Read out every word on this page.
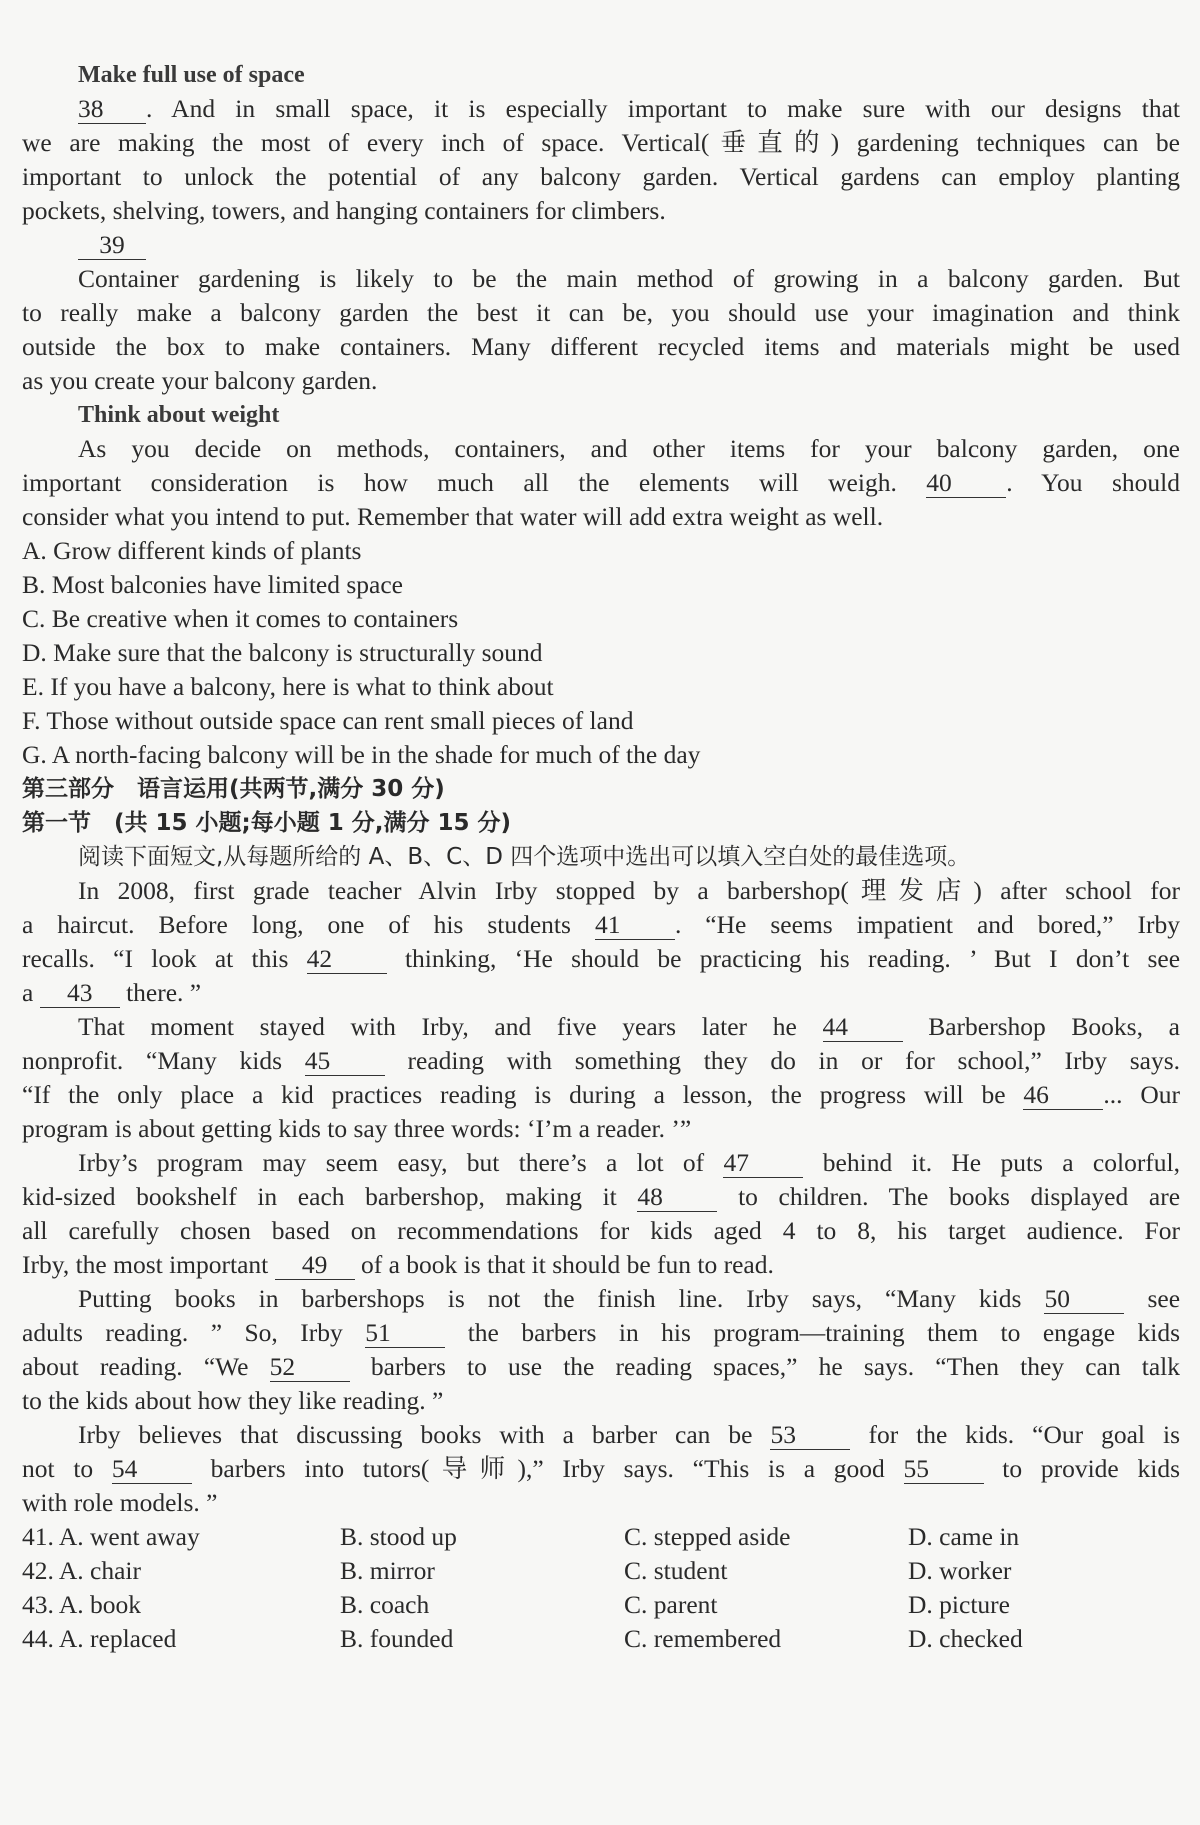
Make full use of space
38 . And in small space, it is especially important to make sure with our designs that
we are making the most of every inch of space. Vertical(垂直的) gardening techniques can be
important to unlock the potential of any balcony garden. Vertical gardens can employ planting
pockets, shelving, towers, and hanging containers for climbers.
39
Container gardening is likely to be the main method of growing in a balcony garden. But
to really make a balcony garden the best it can be, you should use your imagination and think
outside the box to make containers. Many different recycled items and materials might be used
as you create your balcony garden.
Think about weight
As you decide on methods, containers, and other items for your balcony garden, one
important consideration is how much all the elements will weigh. 40 . You should
consider what you intend to put. Remember that water will add extra weight as well.
A. Grow different kinds of plants
B. Most balconies have limited space
C. Be creative when it comes to containers
D. Make sure that the balcony is structurally sound
E. If you have a balcony, here is what to think about
F. Those without outside space can rent small pieces of land
G. A north-facing balcony will be in the shade for much of the day
第三部分　语言运用(共两节,满分 30 分)
第一节　(共 15 小题;每小题 1 分,满分 15 分)
阅读下面短文,从每题所给的 A、B、C、D 四个选项中选出可以填入空白处的最佳选项。
In 2008, first grade teacher Alvin Irby stopped by a barbershop(理发店) after school for
a haircut. Before long, one of his students 41 . “He seems impatient and bored,” Irby
recalls. “I look at this 42	thinking, ‘He should be practicing his reading. ’ But I don’t see
a 43 there. ”
That moment stayed with Irby, and five years later he 44	Barbershop Books, a
nonprofit. “Many kids 45	reading with something they do in or for school,” Irby says.
“If the only place a kid practices reading is during a lesson, the progress will be 46 ... Our
program is about getting kids to say three words: ‘I’m a reader. ’”
Irby’s program may seem easy, but there’s a lot of 47	behind it. He puts a colorful,
kid-sized bookshelf in each barbershop, making it 48	to children. The books displayed are
all carefully chosen based on recommendations for kids aged 4 to 8, his target audience. For
Irby, the most important 49 of a book is that it should be fun to read.
Putting books in barbershops is not the finish line. Irby says, “Many kids 50	see
adults reading. ” So, Irby 51	the barbers in his program—training them to engage kids
about reading. “We 52	barbers to use the reading spaces,” he says. “Then they can talk
to the kids about how they like reading. ”
Irby believes that discussing books with a barber can be 53	for the kids. “Our goal is
not to 54	barbers into tutors(导师),” Irby says. “This is a good 55	to provide kids
with role models. ”
41. A. went away	B. stood up	C. stepped aside	D. came in
42. A. chair	B. mirror	C. student	D. worker
43. A. book	B. coach	C. parent	D. picture
44. A. replaced	B. founded	C. remembered	D. checked
